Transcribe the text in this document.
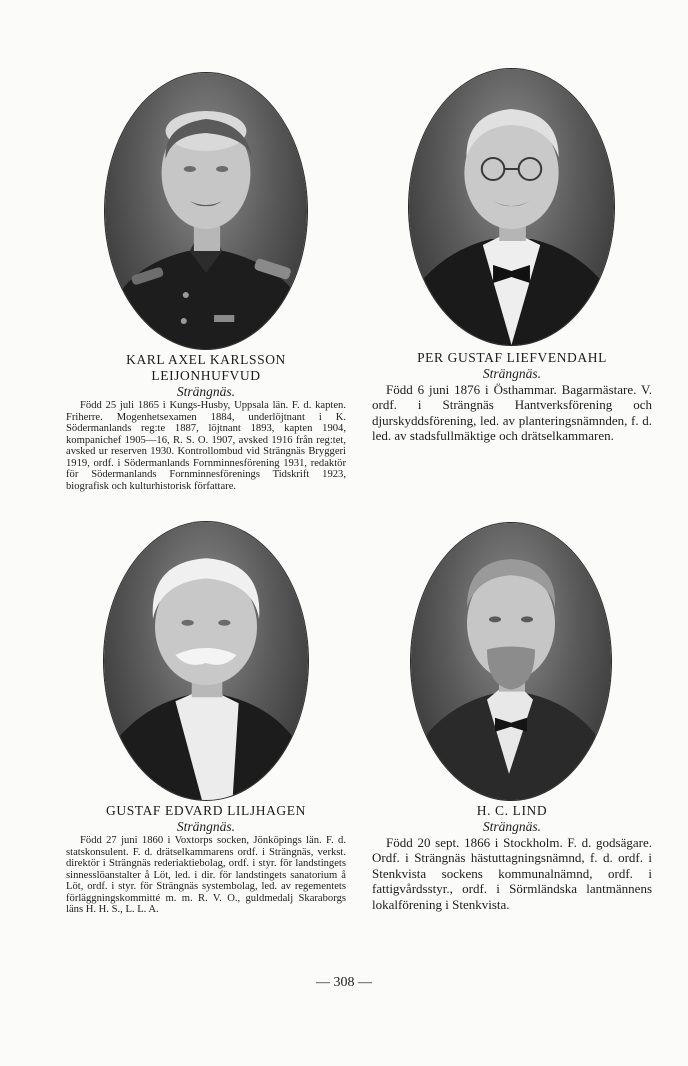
KARL AXEL KARLSSON

LEIJONHUFVUD

Strängnäs.

Född 25 juli 1865 i Kungs-Husby, Uppsala län. F. d. kapten. Friherre. Mogenhetsexamen 1884, underlöjtnant i K. Södermanlands reg:te 1887, löjtnant 1893, kapten 1904, kompanichef 1905—16, R. S. O. 1907, avsked 1916 från reg:tet, avsked ur reserven 1930. Kontrollombud vid Strängnäs Bryggeri 1919, ordf. i Södermanlands Fornminnesförening 1931, redaktör för Södermanlands Fornminnesförenings Tidskrift 1923, biografisk och kulturhistorisk författare.

PER GUSTAF LIEFVENDAHL

Strängnäs.

Född 6 juni 1876 i Östhammar. Bagarmästare. V. ordf. i Strängnäs Hantverksförening och djurskyddsförening, led. av planteringsnämnden, f. d. led. av stadsfullmäktige och drätselkammaren.

GUSTAF EDVARD LILJHAGEN

Strängnäs.

Född 27 juni 1860 i Voxtorps socken, Jönköpings län. F. d. statskonsulent. F. d. drätselkammarens ordf. i Strängnäs, verkst. direktör i Strängnäs rederiaktiebolag, ordf. i styr. för landstingets sinnesslöanstalter å Löt, led. i dir. för landstingets sanatorium å Löt, ordf. i styr. för Strängnäs systembolag, led. av regementets förläggningskommitté m. m. R. V. O., guldmedalj Skaraborgs läns H. H. S., L. L. A.

H. C. LIND

Strängnäs.

Född 20 sept. 1866 i Stockholm. F. d. godsägare. Ordf. i Strängnäs hästuttagningsnämnd, f. d. ordf. i Stenkvista sockens kommunalnämnd, ordf. i fattigvårdsstyr., ordf. i Sörmländska lantmännens lokalförening i Stenkvista.

— 308 —
